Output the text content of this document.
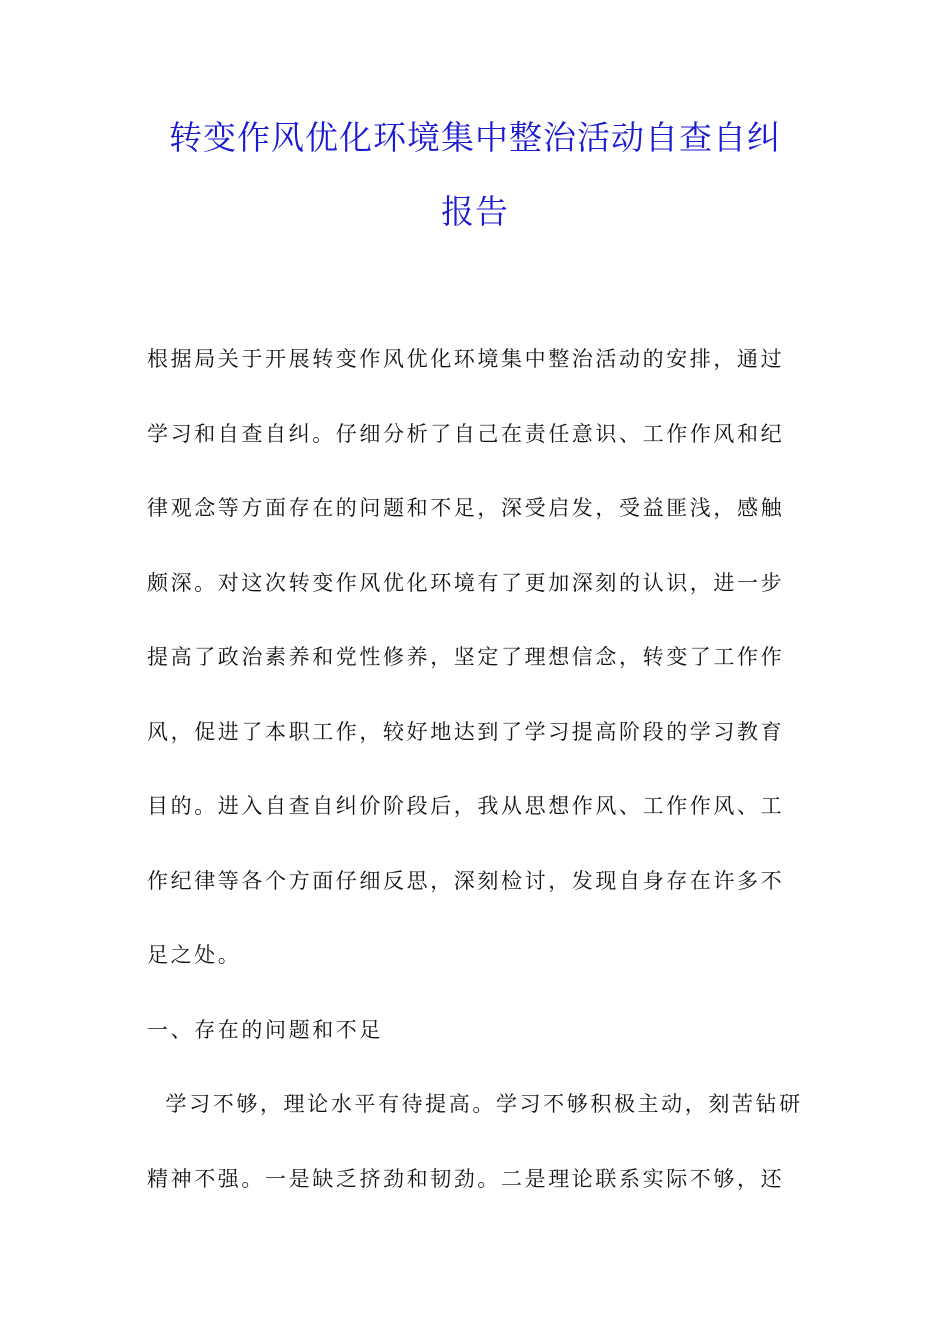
转变作风优化环境集中整治活动自查自纠
报告
根据局关于开展转变作风优化环境集中整治活动的安排，通过
学习和自查自纠。仔细分析了自己在责任意识、工作作风和纪
律观念等方面存在的问题和不足，深受启发，受益匪浅，感触
颇深。对这次转变作风优化环境有了更加深刻的认识，进一步
提高了政治素养和党性修养，坚定了理想信念，转变了工作作
风，促进了本职工作，较好地达到了学习提高阶段的学习教育
目的。进入自查自纠价阶段后，我从思想作风、工作作风、工
作纪律等各个方面仔细反思，深刻检讨，发现自身存在许多不
足之处。
一、存在的问题和不足
学习不够，理论水平有待提高。学习不够积极主动，刻苦钻研
精神不强。一是缺乏挤劲和韧劲。二是理论联系实际不够，还
